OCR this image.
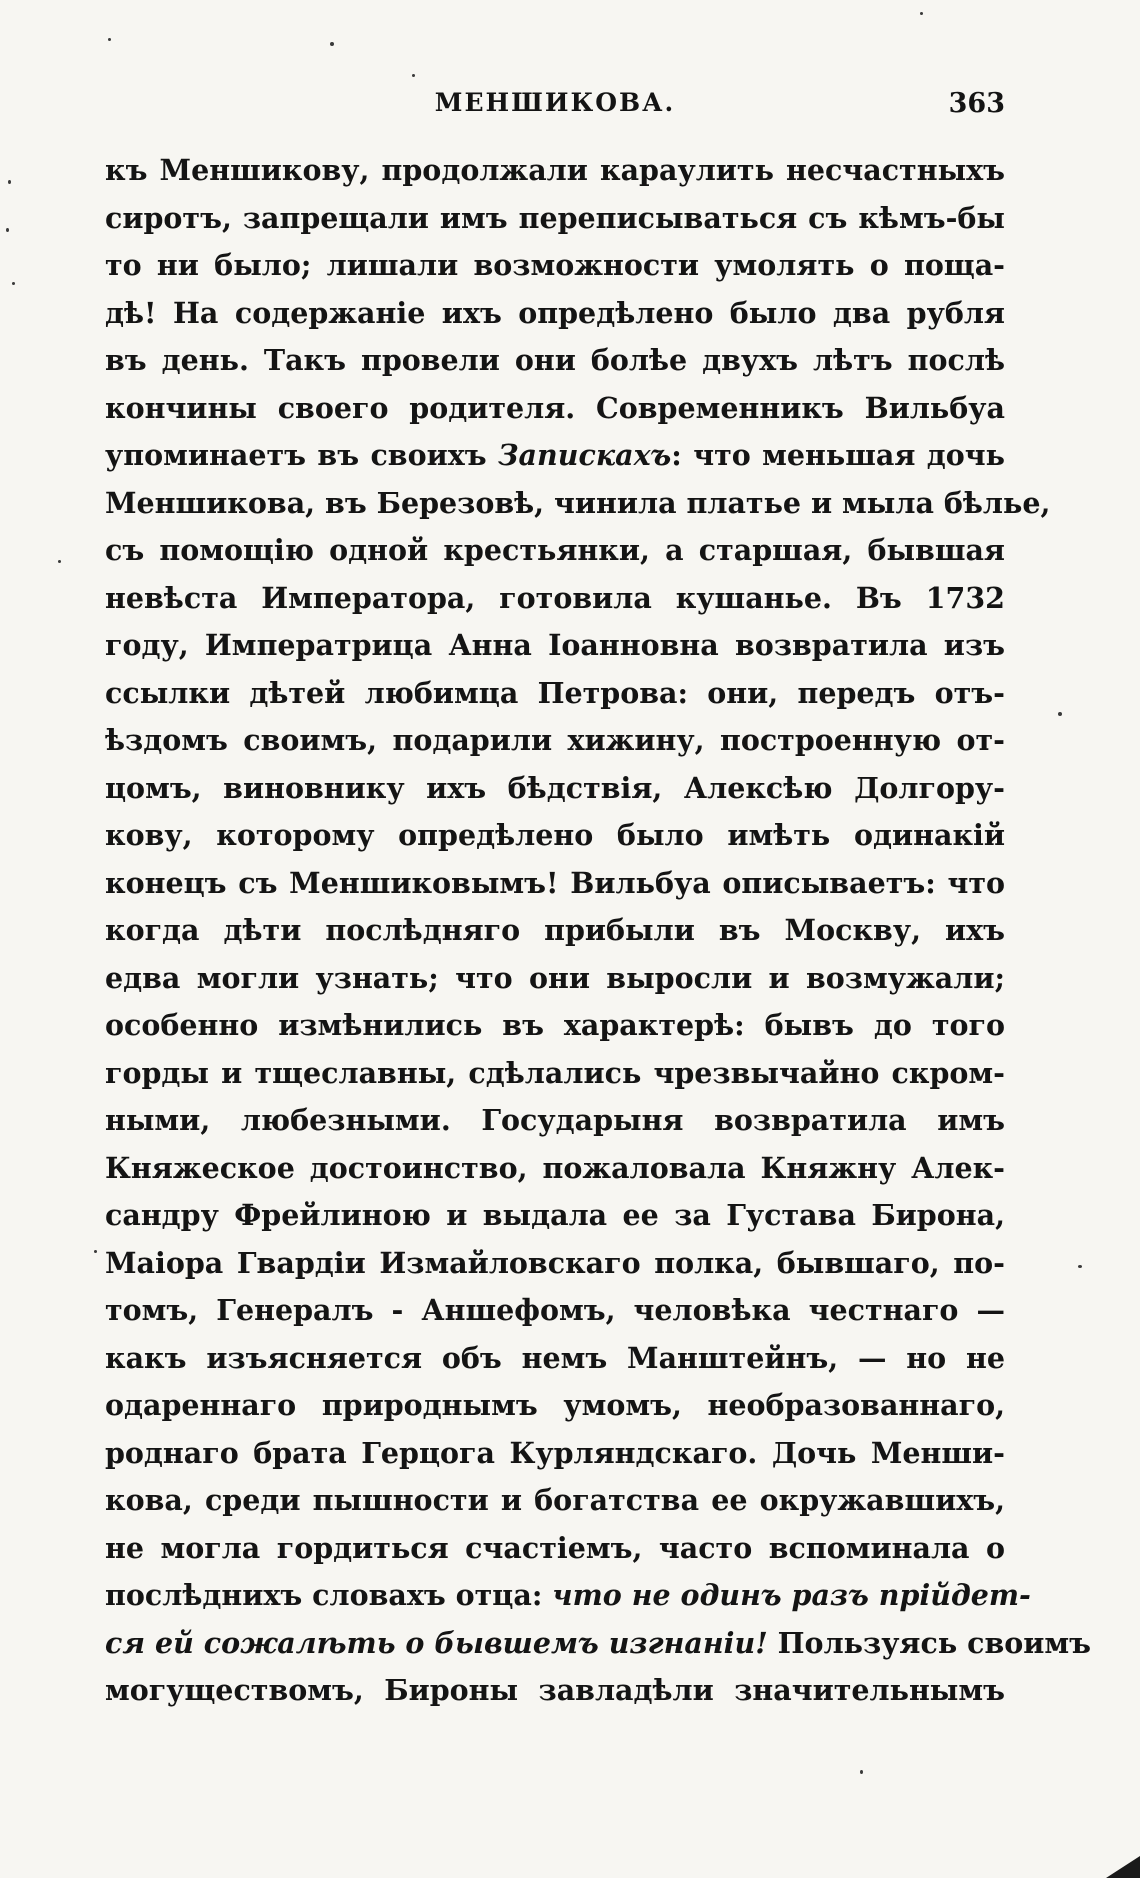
МЕНШИКОВА.	363
къ Меншикову, продолжали караулить несчастныхъ
сиротъ, запрещали имъ переписываться съ кѣмъ-бы
то ни было; лишали возможности умолять о поща-
дѣ! На содержаніе ихъ опредѣлено было два рубля
въ день. Такъ провели они болѣе двухъ лѣтъ послѣ
кончины своего родителя. Современникъ Вильбуа
упоминаетъ въ своихъ Запискахъ: что меньшая дочь
Меншикова, въ Березовѣ, чинила платье и мыла бѣлье,
съ помощію одной крестьянки, а старшая, бывшая
невѣста Императора, готовила кушанье. Въ 1732
году, Императрица Анна Іоанновна возвратила изъ
ссылки дѣтей любимца Петрова: они, передъ отъ-
ѣздомъ своимъ, подарили хижину, построенную от-
цомъ, виновнику ихъ бѣдствія, Алексѣю Долгору-
кову, которому опредѣлено было имѣть одинакій
конецъ съ Меншиковымъ! Вильбуа описываетъ: что
когда дѣти послѣдняго прибыли въ Москву, ихъ
едва могли узнать; что они выросли и возмужали;
особенно измѣнились въ характерѣ: бывъ до того
горды и тщеславны, сдѣлались чрезвычайно скром-
ными, любезными. Государыня возвратила имъ
Княжеское достоинство, пожаловала Княжну Алек-
сандру Фрейлиною и выдала ее за Густава Бирона,
Маіора Гвардіи Измайловскаго полка, бывшаго, по-
томъ, Генералъ - Аншефомъ, человѣка честнаго —
какъ изъясняется объ немъ Манштейнъ, — но не
одареннаго природнымъ умомъ, необразованнаго,
роднаго брата Герцога Курляндскаго. Дочь Менши-
кова, среди пышности и богатства ее окружавшихъ,
не могла гордиться счастіемъ, часто вспоминала о
послѣднихъ словахъ отца: что не одинъ разъ прійдет-
ся ей сожалѣть о бывшемъ изгнаніи! Пользуясь своимъ
могуществомъ, Бироны завладѣли значительнымъ
